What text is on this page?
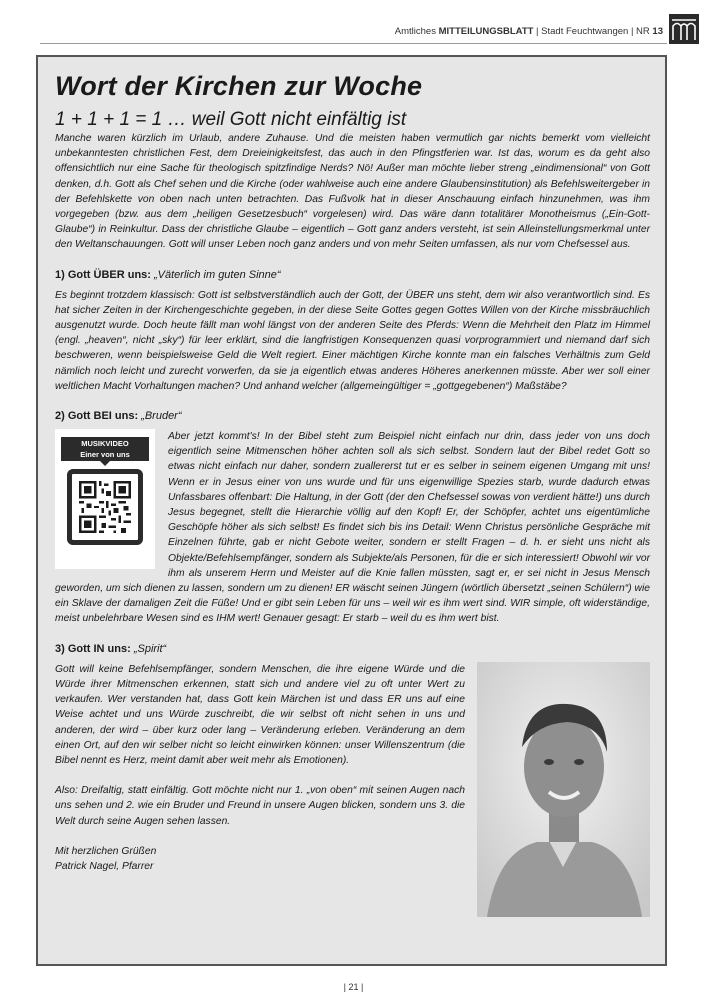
Amtliches MITTEILUNGSBLATT | Stadt Feuchtwangen | NR 13
Wort der Kirchen zur Woche
1 + 1 + 1 = 1 … weil Gott nicht einfältig ist

Manche waren kürzlich im Urlaub, andere Zuhause. Und die meisten haben vermutlich gar nichts bemerkt vom vielleicht unbekanntesten christlichen Fest, dem Dreieinigkeitsfest, das auch in den Pfingstferien war. Ist das, worum es da geht also offensichtlich nur eine Sache für theologisch spitzfindige Nerds? Nö! Außer man möchte lieber streng „eindimensional“ von Gott denken, d.h. Gott als Chef sehen und die Kirche (oder wahlweise auch eine andere Glaubensinstitution) als Befehlsweitergeber in der Befehlskette von oben nach unten betrachten. Das Fußvolk hat in dieser Anschauung einfach hinzunehmen, was ihm vorgegeben (bzw. aus dem „heiligen Gesetzesbuch“ vorgelesen) wird. Das wäre dann totalitärer Monotheismus („Ein-Gott-Glaube“) in Reinkultur. Dass der christliche Glaube – eigentlich – Gott ganz anders versteht, ist sein Alleinstellungsmerkmal unter den Weltanschauungen. Gott will unser Leben noch ganz anders und von mehr Seiten umfassen, als nur vom Chefsessel aus.

1) Gott ÜBER uns: „Väterlich im guten Sinne“

Es beginnt trotzdem klassisch: Gott ist selbstverständlich auch der Gott, der ÜBER uns steht, dem wir also verantwortlich sind. Es hat sicher Zeiten in der Kirchengeschichte gegeben, in der diese Seite Gottes gegen Gottes Willen von der Kirche missbräuchlich ausgenutzt wurde. Doch heute fällt man wohl längst von der anderen Seite des Pferds: Wenn die Mehrheit den Platz im Himmel (engl. „heaven“, nicht „sky“) für leer erklärt, sind die langfristigen Konsequenzen quasi vorprogrammiert und niemand darf sich beschweren, wenn beispielsweise Geld die Welt regiert. Einer mächtigen Kirche konnte man ein falsches Verhältnis zum Geld nämlich noch leicht und zurecht vorwerfen, da sie ja eigentlich etwas anderes Höheres anerkennen müsste. Aber wer soll einer weltlichen Macht Vorhaltungen machen? Und anhand welcher (allgemeingültiger = „gottgegebenen“) Maßstäbe?

2) Gott BEI uns: „Bruder“
MUSIKVIDEO
Einer von uns

Aber jetzt kommt's! In der Bibel steht zum Beispiel nicht einfach nur drin, dass jeder von uns doch eigentlich seine Mitmenschen höher achten soll als sich selbst. Sondern laut der Bibel redet Gott so etwas nicht einfach nur daher, sondern zuallererst tut er es selber in seinem eigenen Umgang mit uns! Wenn er in Jesus einer von uns wurde und für uns eigenwillige Spezies starb, wurde dadurch etwas Unfassbares offenbart: Die Haltung, in der Gott (der den Chefsessel sowas von verdient hätte!) uns durch Jesus begegnet, stellt die Hierarchie völlig auf den Kopf! Er, der Schöpfer, achtet uns eigentümliche Geschöpfe höher als sich selbst! Es findet sich bis ins Detail: Wenn Christus persönliche Gespräche mit Einzelnen führte, gab er nicht Gebote weiter, sondern er stellt Fragen – d. h. er sieht uns nicht als Objekte/Befehlsempfänger, sondern als Subjekte/als Personen, für die er sich interessiert! Obwohl wir vor ihm als unserem Herrn und Meister auf die Knie fallen müssten, sagt er, er sei nicht in Jesus Mensch geworden, um sich dienen zu lassen, sondern um zu dienen! ER wäscht seinen Jüngern (wörtlich übersetzt „seinen Schülern“) wie ein Sklave der damaligen Zeit die Füße! Und er gibt sein Leben für uns – weil wir es ihm wert sind. WIR simple, oft widerständige, meist unbelehrbare Wesen sind es IHM wert! Genauer gesagt: Er starb – weil du es ihm wert bist.

3) Gott IN uns: „Spirit“

Gott will keine Befehlsempfänger, sondern Menschen, die ihre eigene Würde und die Würde ihrer Mitmenschen erkennen, statt sich und andere viel zu oft unter Wert zu verkaufen. Wer verstanden hat, dass Gott kein Märchen ist und dass ER uns auf eine Weise achtet und uns Würde zuschreibt, die wir selbst oft nicht sehen in uns und anderen, der wird – über kurz oder lang – Veränderung erleben. Veränderung an dem einen Ort, auf den wir selber nicht so leicht einwirken können: unser Willenszentrum (die Bibel nennt es Herz, meint damit aber weit mehr als Emotionen).

Also: Dreifaltig, statt einfältig. Gott möchte nicht nur 1. „von oben“ mit seinen Augen nach uns sehen und 2. wie ein Bruder und Freund in unsere Augen blicken, sondern uns 3. die Welt durch seine Augen sehen lassen.

Mit herzlichen Grüßen

Patrick Nagel, Pfarrer

| 21 |
